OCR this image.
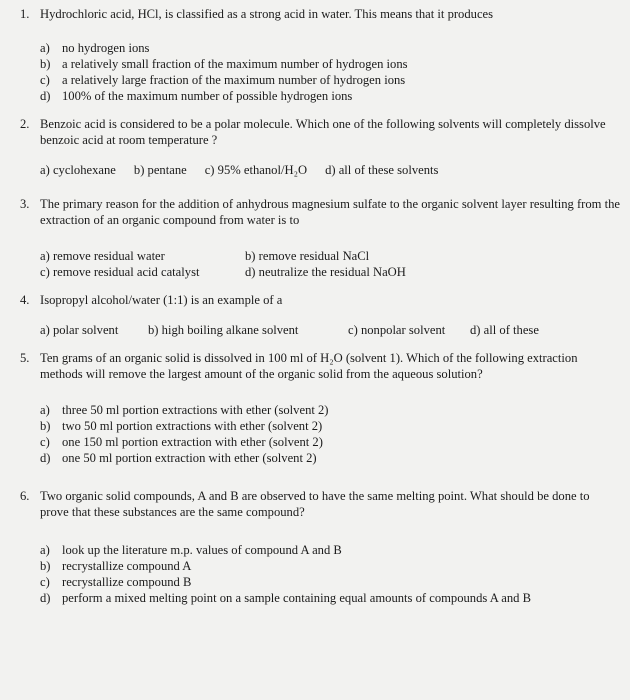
1. Hydrochloric acid, HCl, is classified as a strong acid in water. This means that it produces
a) no hydrogen ions
b) a relatively small fraction of the maximum number of hydrogen ions
c) a relatively large fraction of the maximum number of hydrogen ions
d) 100% of the maximum number of possible hydrogen ions
2. Benzoic acid is considered to be a polar molecule. Which one of the following solvents will completely dissolve benzoic acid at room temperature ?
a) cyclohexane b) pentane c) 95% ethanol/H₂O d) all of these solvents
3. The primary reason for the addition of anhydrous magnesium sulfate to the organic solvent layer resulting from the extraction of an organic compound from water is to
a) remove residual water	b) remove residual NaCl
c) remove residual acid catalyst	d) neutralize the residual NaOH
4. Isopropyl alcohol/water (1:1) is an example of a
a) polar solvent	b) high boiling alkane solvent	c) nonpolar solvent	d) all of these
5. Ten grams of an organic solid is dissolved in 100 ml of H₂O (solvent 1). Which of the following extraction methods will remove the largest amount of the organic solid from the aqueous solution?
a) three 50 ml portion extractions with ether (solvent 2)
b) two 50 ml portion extractions with ether (solvent 2)
c) one 150 ml portion extraction with ether (solvent 2)
d) one 50 ml portion extraction with ether (solvent 2)
6. Two organic solid compounds, A and B are observed to have the same melting point. What should be done to prove that these substances are the same compound?
a) look up the literature m.p. values of compound A and B
b) recrystallize compound A
c) recrystallize compound B
d) perform a mixed melting point on a sample containing equal amounts of compounds A and B
